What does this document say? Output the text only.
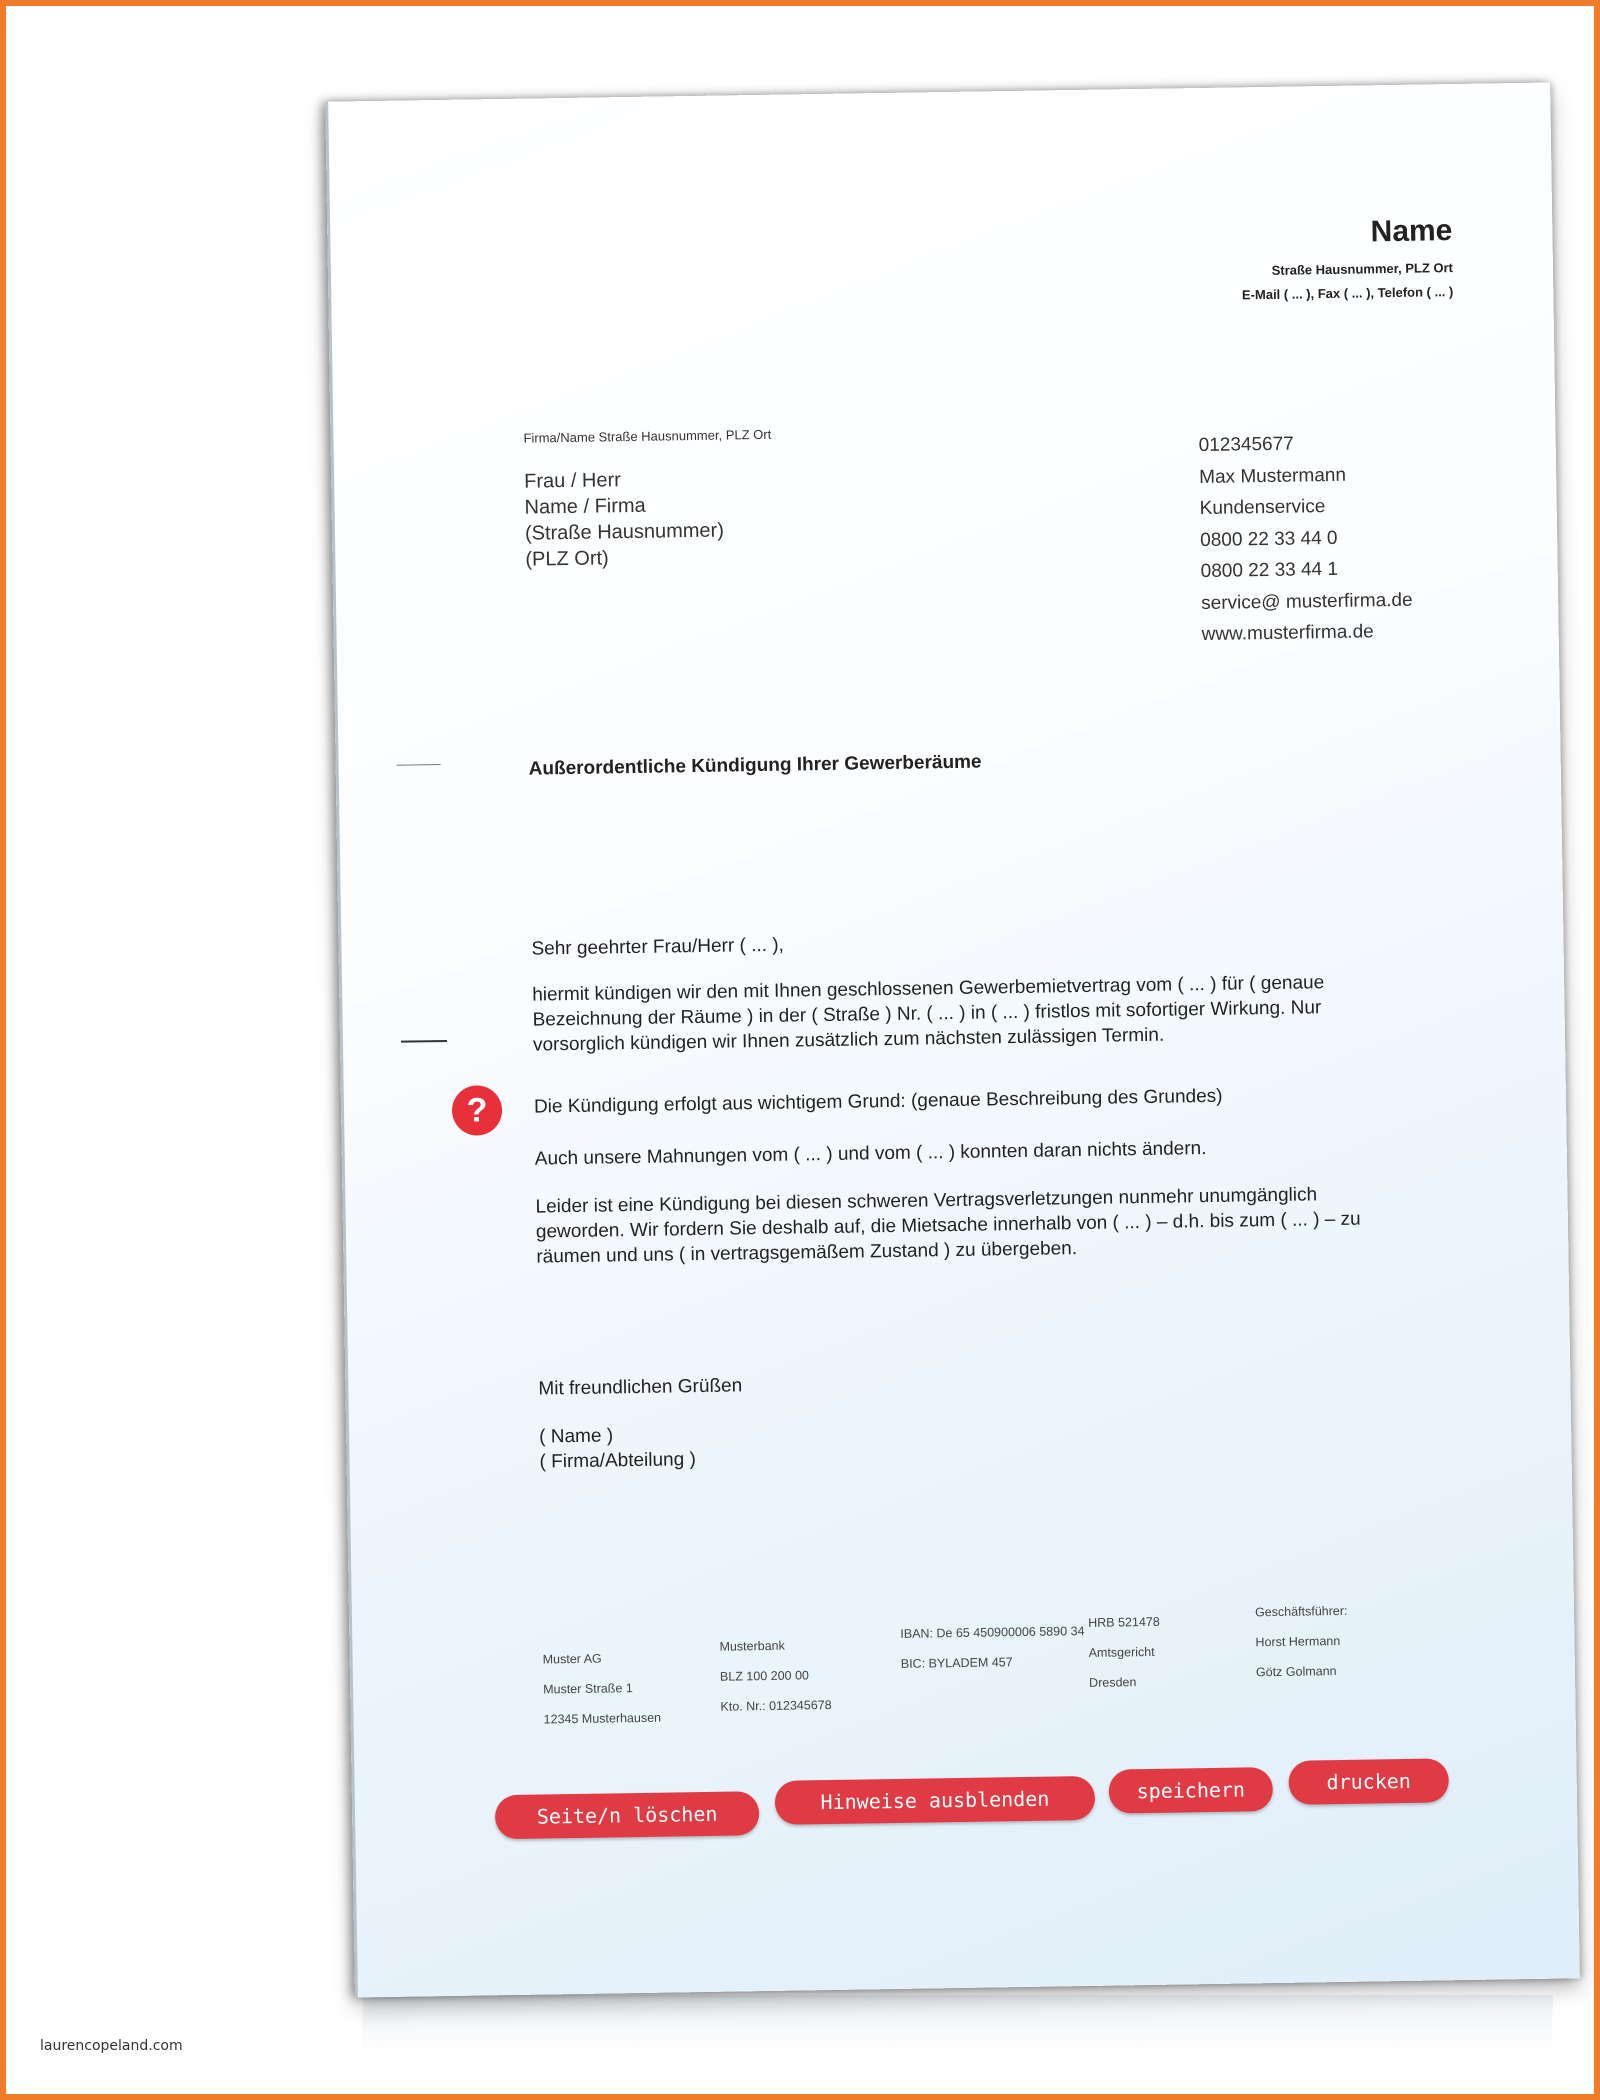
Name
Straße Hausnummer, PLZ Ort
E-Mail ( ... ), Fax ( ... ), Telefon ( ... )
Firma/Name Straße Hausnummer, PLZ Ort
Frau / Herr
Name / Firma
(Straße Hausnummer)
(PLZ Ort)
012345677
Max Mustermann
Kundenservice
0800 22 33 44 0
0800 22 33 44 1
service@ musterfirma.de
www.musterfirma.de
Außerordentliche Kündigung Ihrer Gewerberäume
Sehr geehrter Frau/Herr ( ... ),
hiermit kündigen wir den mit Ihnen geschlossenen Gewerbemietvertrag vom ( ... ) für ( genaue
Bezeichnung der Räume ) in der ( Straße ) Nr. ( ... ) in ( ... ) fristlos mit sofortiger Wirkung. Nur
vorsorglich kündigen wir Ihnen zusätzlich zum nächsten zulässigen Termin.
?	Die Kündigung erfolgt aus wichtigem Grund: (genaue Beschreibung des Grundes)
Auch unsere Mahnungen vom ( ... ) und vom ( ... ) konnten daran nichts ändern.
Leider ist eine Kündigung bei diesen schweren Vertragsverletzungen nunmehr unumgänglich
geworden. Wir fordern Sie deshalb auf, die Mietsache innerhalb von ( ... ) – d.h. bis zum ( ... ) – zu
räumen und uns ( in vertragsgemäßem Zustand ) zu übergeben.
Mit freundlichen Grüßen
( Name )
( Firma/Abteilung )
Muster AG
Muster Straße 1
12345 Musterhausen
Musterbank
BLZ 100 200 00
Kto. Nr.: 012345678
IBAN: De 65 450900006 5890 34
BIC: BYLADEM 457
HRB 521478
Amtsgericht
Dresden
Geschäftsführer:
Horst Hermann
Götz Golmann
Seite/n löschen
Hinweise ausblenden	speichern	drucken
laurencopeland.com
